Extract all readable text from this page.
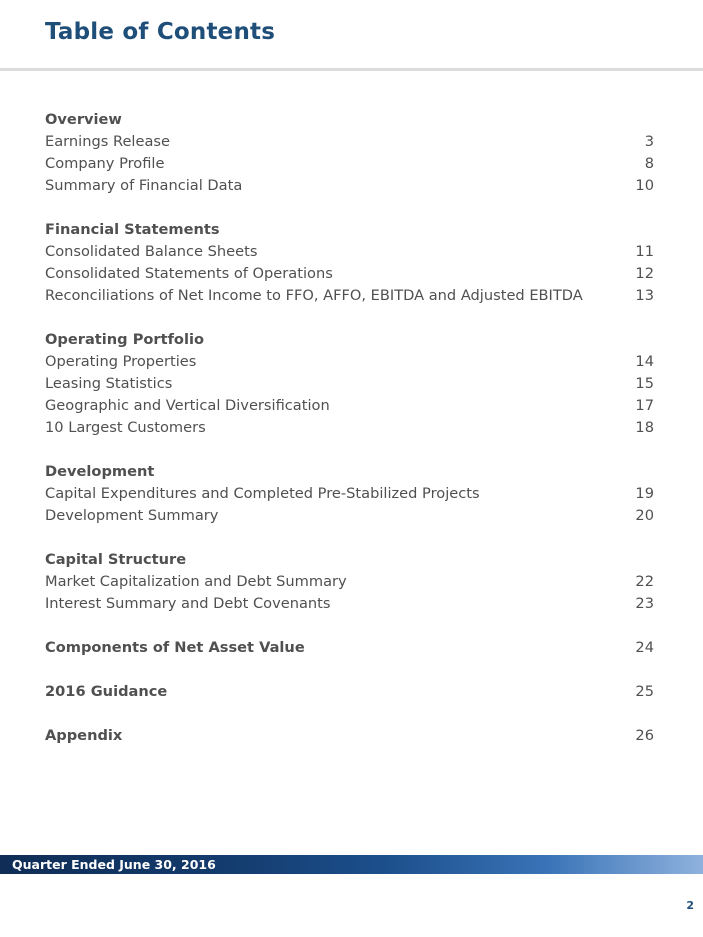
Table of Contents
Overview
Earnings Release	3
Company Profile	8
Summary of Financial Data	10
Financial Statements
Consolidated Balance Sheets	11
Consolidated Statements of Operations	12
Reconciliations of Net Income to FFO, AFFO, EBITDA and Adjusted EBITDA	13
Operating Portfolio
Operating Properties	14
Leasing Statistics	15
Geographic and Vertical Diversification	17
10 Largest Customers	18
Development
Capital Expenditures and Completed Pre-Stabilized Projects	19
Development Summary	20
Capital Structure
Market Capitalization and Debt Summary	22
Interest Summary and Debt Covenants	23
Components of Net Asset Value	24
2016 Guidance	25
Appendix	26
Quarter Ended June 30, 2016
2
